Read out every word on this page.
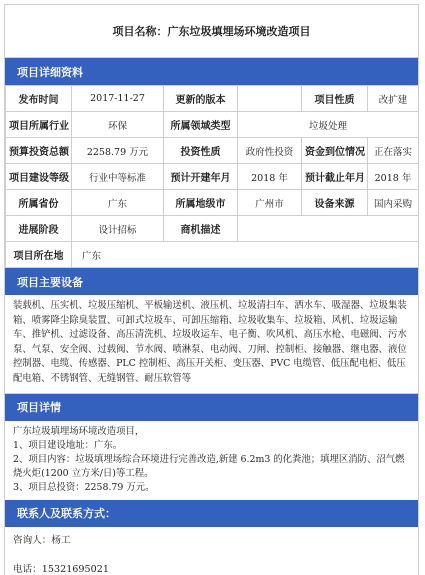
项目名称：广东垃圾填埋场环境改造项目
项目详细资料
发布时间	2017-11-27	更新的版本		项目性质	改扩建
项目所属行业	环保	所属领域类型	垃圾处理		
预算投资总额	2258.79 万元	投资性质	政府性投资	资金到位情况	正在落实
项目建设等级	行业中等标准	预计开建年月	2018 年	预计截止年月	2018 年
所属省份	广东	所属地级市	广州市	设备来源	国内采购
进展阶段	设计招标	商机描述			
项目所在地	广东				
项目主要设备
装载机、压实机、垃圾压缩机、平板输送机、液压机、垃圾清扫车、洒水车、吸湿器、垃圾集装箱、喷雾降尘除臭装置、可卸式垃圾车、可卸压缩箱、垃圾收集车、垃圾箱、风机、垃圾运输车、推铲机、过滤设备、高压清洗机、垃圾收运车、电子衡、吹风机、高压水枪、电磁阀、污水泵、气泵、安全阀、过载阀、节水阀、喷淋泵、电动阀、刀闸、控制柜、接触器、继电器、液位控制器、电缆、传感器、PLC 控制柜、高压开关柜、变压器、PVC 电缆管、低压配电柜、低压配电箱、不锈钢管、无缝钢管、耐压软管等
项目详情
广东垃圾填埋场环境改造项目，
1、项目建设地址：广东。
2、项目内容：垃圾填埋场综合环境进行完善改造,新建 6.2m3 的化粪池；填埋区消防、沼气燃烧火炬(1200 立方米/日)等工程。
3、项目总投资：2258.79 万元。
联系人及联系方式：
咨询人：杨工
电话：15321695021
